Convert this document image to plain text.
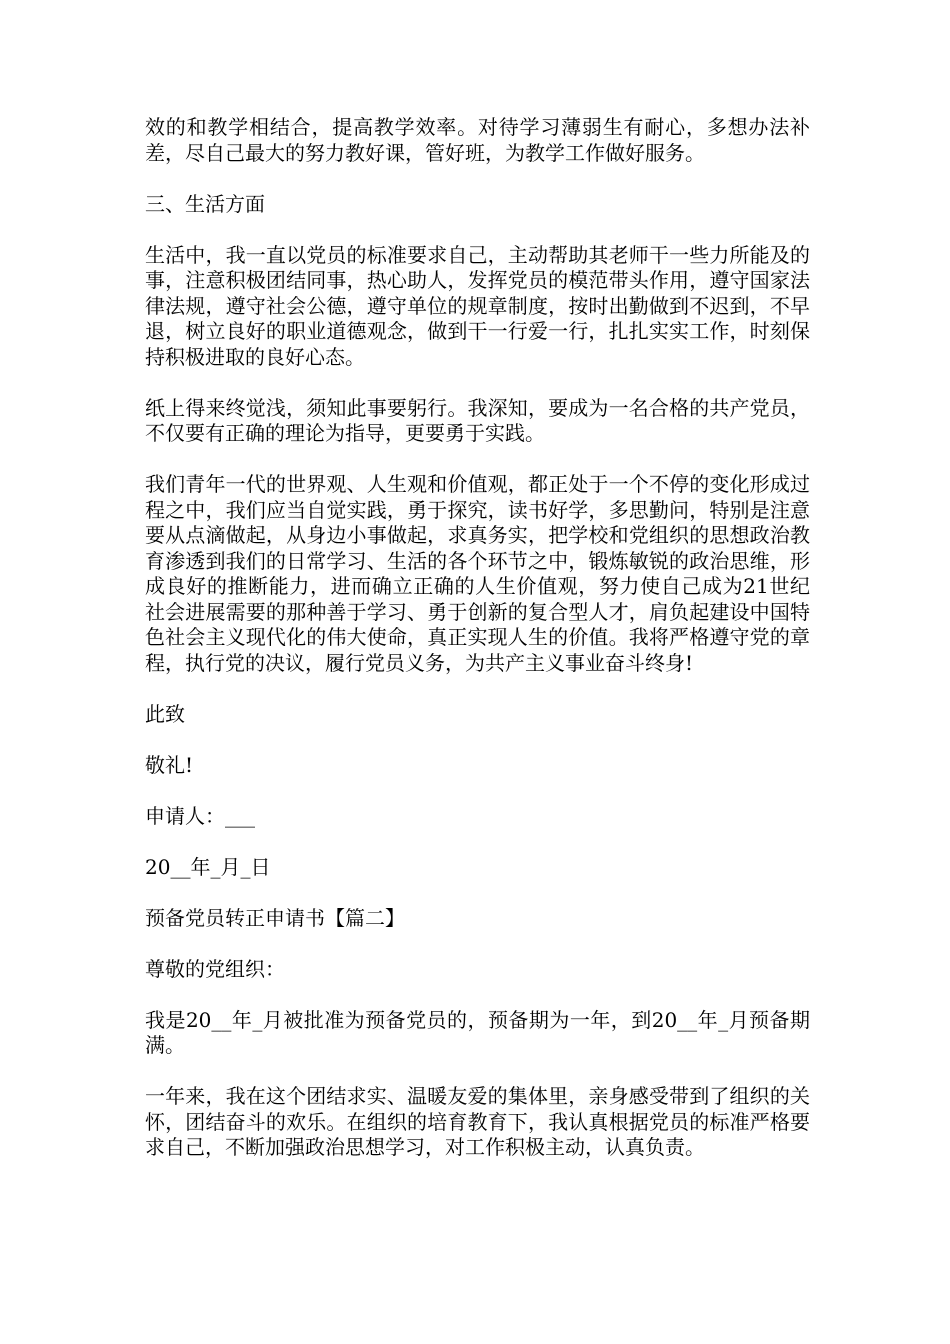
效的和教学相结合，提高教学效率。对待学习薄弱生有耐心，多想办法补差，尽自己最大的努力教好课，管好班，为教学工作做好服务。

三、生活方面

生活中，我一直以党员的标准要求自己，主动帮助其老师干一些力所能及的事，注意积极团结同事，热心助人，发挥党员的模范带头作用，遵守国家法律法规，遵守社会公德，遵守单位的规章制度，按时出勤做到不迟到，不早退，树立良好的职业道德观念，做到干一行爱一行，扎扎实实工作，时刻保持积极进取的良好心态。

纸上得来终觉浅，须知此事要躬行。我深知，要成为一名合格的共产党员，不仅要有正确的理论为指导，更要勇于实践。

我们青年一代的世界观、人生观和价值观，都正处于一个不停的变化形成过程之中，我们应当自觉实践，勇于探究，读书好学，多思勤问，特别是注意要从点滴做起，从身边小事做起，求真务实，把学校和党组织的思想政治教育渗透到我们的日常学习、生活的各个环节之中，锻炼敏锐的政治思维，形成良好的推断能力，进而确立正确的人生价值观，努力使自己成为21世纪社会进展需要的那种善于学习、勇于创新的复合型人才，肩负起建设中国特色社会主义现代化的伟大使命，真正实现人生的价值。我将严格遵守党的章程，执行党的决议，履行党员义务，为共产主义事业奋斗终身!

此致

敬礼!

申请人：___

20__年_月_日

预备党员转正申请书【篇二】

尊敬的党组织：

我是20__年_月被批准为预备党员的，预备期为一年，到20__年_月预备期满。

一年来，我在这个团结求实、温暖友爱的集体里，亲身感受带到了组织的关怀，团结奋斗的欢乐。在组织的培育教育下，我认真根据党员的标准严格要求自己，不断加强政治思想学习，对工作积极主动，认真负责。
